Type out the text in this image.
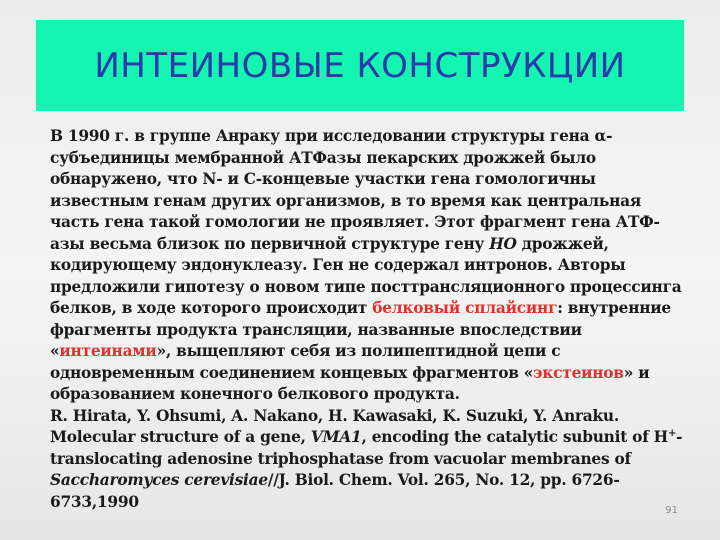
ИНТЕИНОВЫЕ КОНСТРУКЦИИ

В 1990 г. в группе Анраку при исследовании структуры гена α-субъединицы мембранной АТФазы пекарских дрожжей было обнаружено, что N- и C-концевые участки гена гомологичны известным генам других организмов, в то время как центральная часть гена такой гомологии не проявляет. Этот фрагмент гена АТФ-азы весьма близок по первичной структуре гену HO дрожжей, кодирующему эндонуклеазу. Ген не содержал интронов. Авторы предложили гипотезу о новом типе посттрансляционного процессинга белков, в ходе которого происходит белковый сплайсинг: внутренние фрагменты продукта трансляции, названные впоследствии «интеинами», выщепляют себя из полипептидной цепи с одновременным соединением концевых фрагментов «экстеинов» и образованием конечного белкового продукта.

R. Hirata, Y. Ohsumi, A. Nakano, H. Kawasaki, K. Suzuki, Y. Anraku. Molecular structure of a gene, VMA1, encoding the catalytic subunit of H+-translocating adenosine triphosphatase from vacuolar membranes of Saccharomyces cerevisiae//J. Biol. Chem. Vol. 265, No. 12, pp. 6726-6733,1990	91
